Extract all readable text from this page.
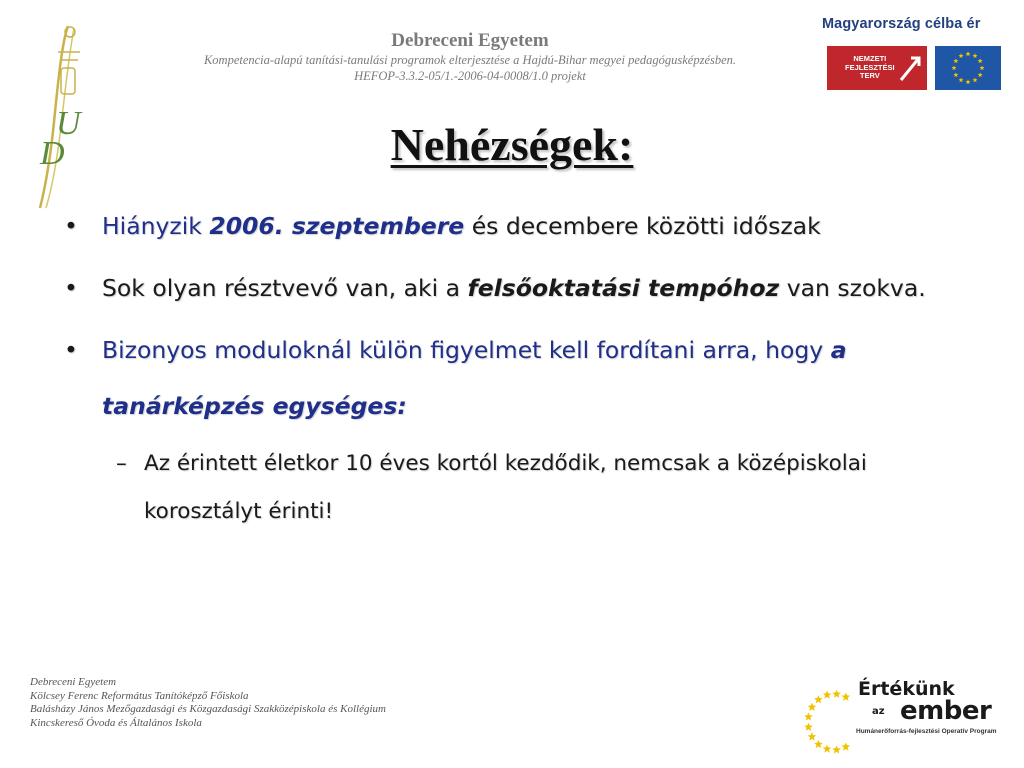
U
D
Debreceni Egyetem
Kompetencia-alapú tanítási-tanulási programok elterjesztése a Hajdú-Bihar megyei pedagógusképzésben.
HEFOP-3.3.2-05/1.-2006-04-0008/1.0 projekt
Magyarország célba ér
NEMZETI
FEJLESZTÉSI
TERV
Nehézségek:
• Hiányzik 2006. szeptembere és decembere közötti időszak
• Sok olyan résztvevő van, aki a felsőoktatási tempóhoz van szokva.
• Bizonyos moduloknál külön figyelmet kell fordítani arra, hogy a tanárképzés egységes:
– Az érintett életkor 10 éves kortól kezdődik, nemcsak a középiskolai korosztályt érinti!
Debreceni Egyetem
Kölcsey Ferenc Református Tanítóképző Főiskola
Balásházy János Mezőgazdasági és Közgazdasági Szakközépiskola és Kollégium
Kincskereső Óvoda és Általános Iskola
Értékünk
az ember
Humánerőforrás-fejlesztési Operatív Program
